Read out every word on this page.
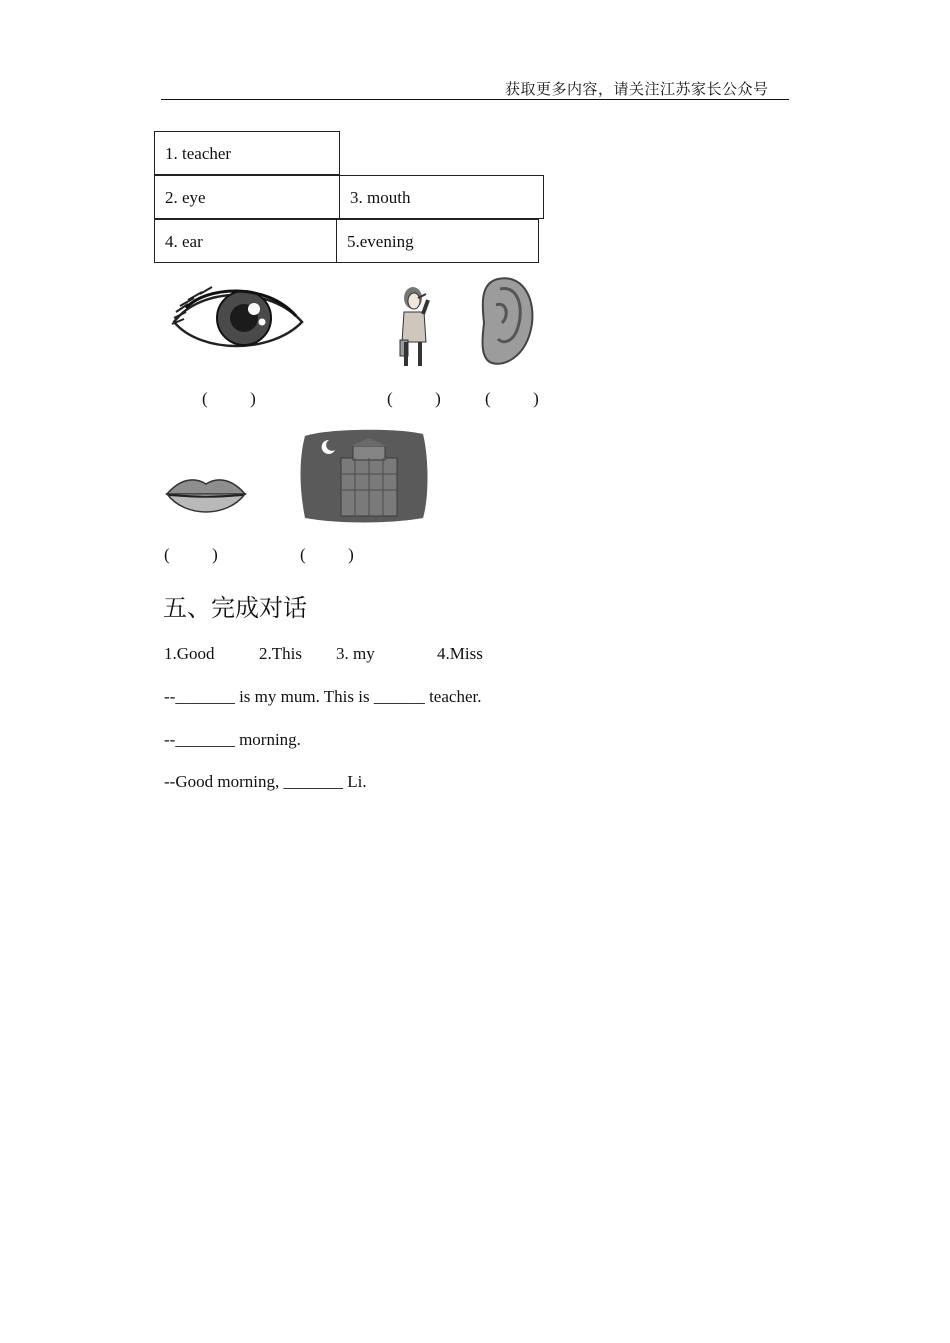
获取更多内容，请关注江苏家长公众号
1. teacher
2. eye	3. mouth
4. ear	5.evening
(          )	(          )	(          )
(          )	(          )
五、完成对话
1.Good	2.This 3. my	4.Miss
--_______ is my mum. This is ______ teacher.
--_______ morning.
--Good morning, _______ Li.
